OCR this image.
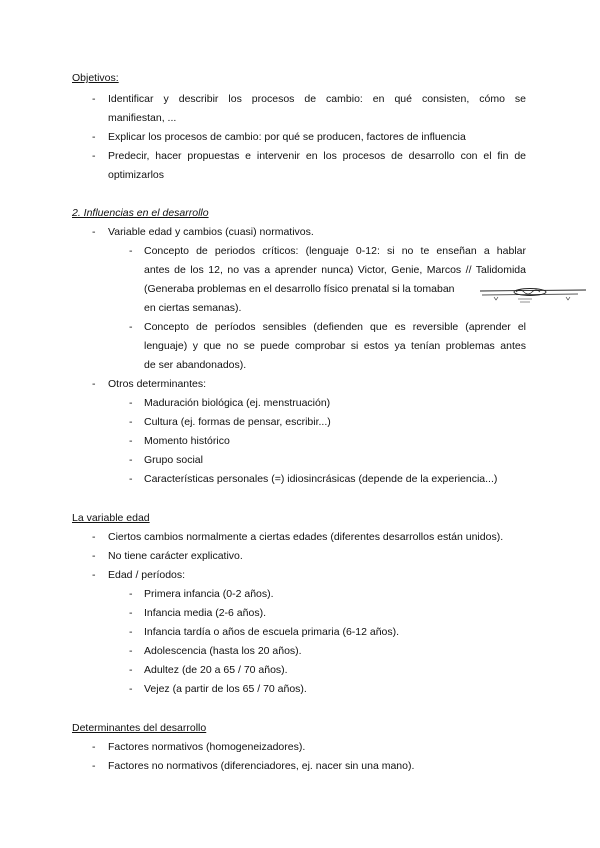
Objetivos:
- Identificar y describir los procesos de cambio: en qué consisten, cómo se
manifiestan, ...
- Explicar los procesos de cambio: por qué se producen, factores de influencia
- Predecir, hacer propuestas e intervenir en los procesos de desarrollo con el fin de
optimizarlos
2. Influencias en el desarrollo
- Variable edad y cambios (cuasi) normativos.
- Concepto de periodos críticos: (lenguaje 0-12: si no te enseñan a hablar
antes de los 12, no vas a aprender nunca) Victor, Genie, Marcos // Talidomida
(Generaba problemas en el desarrollo físico prenatal si la tomaban
en ciertas semanas).
- Concepto de períodos sensibles (defienden que es reversible (aprender el
lenguaje) y que no se puede comprobar si estos ya tenían problemas antes
de ser abandonados).
- Otros determinantes:
- Maduración biológica (ej. menstruación)
- Cultura (ej. formas de pensar, escribir...)
- Momento histórico
- Grupo social
- Características personales (=) idiosincrásicas (depende de la experiencia...)
La variable edad
- Ciertos cambios normalmente a ciertas edades (diferentes desarrollos están unidos).
- No tiene carácter explicativo.
- Edad / períodos:
- Primera infancia (0-2 años).
- Infancia media (2-6 años).
- Infancia tardía o años de escuela primaria (6-12 años).
- Adolescencia (hasta los 20 años).
- Adultez (de 20 a 65 / 70 años).
- Vejez (a partir de los 65 / 70 años).
Determinantes del desarrollo
- Factores normativos (homogeneizadores).
- Factores no normativos (diferenciadores, ej. nacer sin una mano).
